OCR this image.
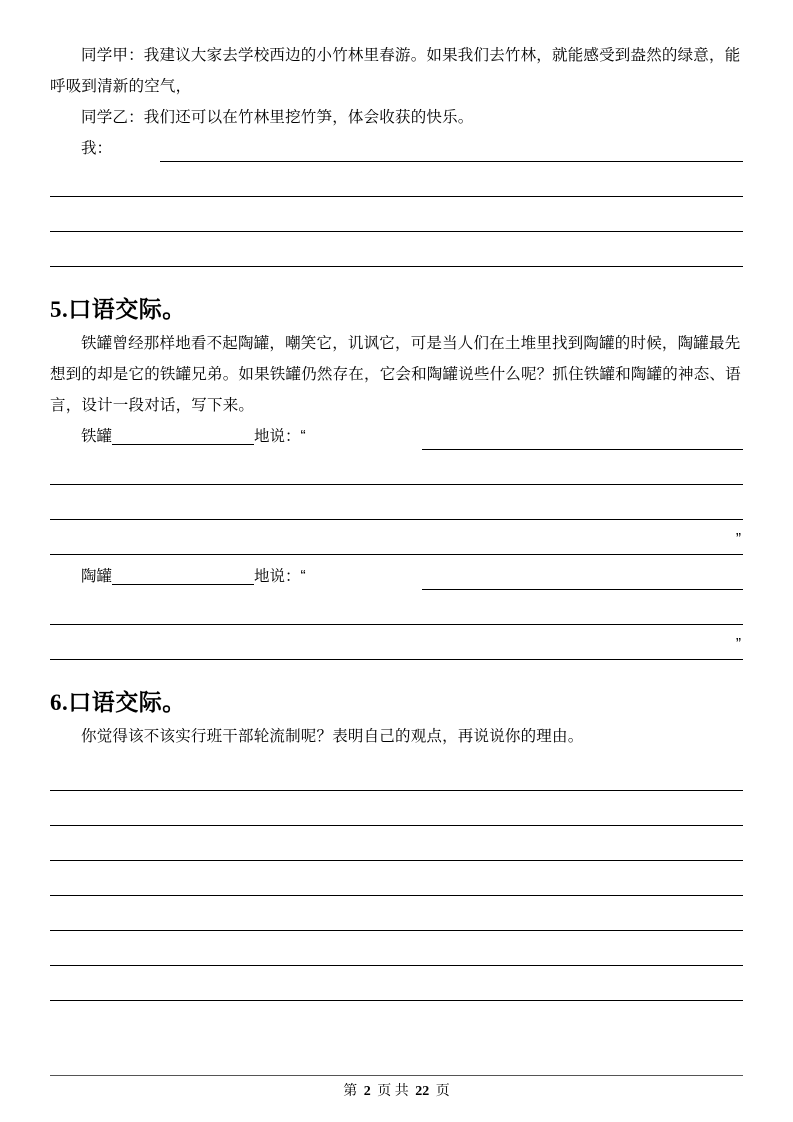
同学甲：我建议大家去学校西边的小竹林里春游。如果我们去竹林，就能感受到盎然的绿意，能呼吸到清新的空气，

同学乙：我们还可以在竹林里挖竹笋，体会收获的快乐。

我：
5.口语交际。

铁罐曾经那样地看不起陶罐，嘲笑它，讥讽它，可是当人们在土堆里找到陶罐的时候，陶罐最先想到的却是它的铁罐兄弟。如果铁罐仍然存在，它会和陶罐说些什么呢？抓住铁罐和陶罐的神态、语言，设计一段对话，写下来。

铁罐	地说：“
”
陶罐	地说：“
”
6.口语交际。

你觉得该不该实行班干部轮流制呢？表明自己的观点，再说说你的理由。

第 2 页 共 22 页
